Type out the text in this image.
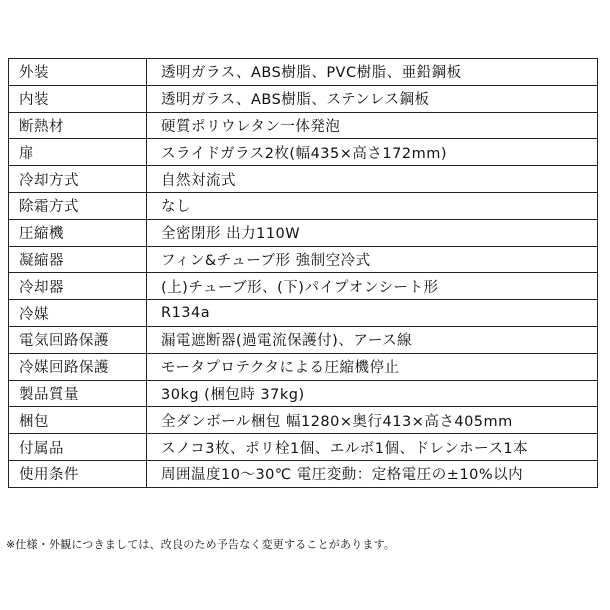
外装	透明ガラス、ABS樹脂、PVC樹脂、亜鉛鋼板
内装	透明ガラス、ABS樹脂、ステンレス鋼板
断熱材	硬質ポリウレタン一体発泡
扉	スライドガラス2枚(幅435×高さ172mm)
冷却方式	自然対流式
除霜方式	なし
圧縮機	全密閉形 出力110W
凝縮器	フィン&チューブ形 強制空冷式
冷却器	(上)チューブ形、(下)パイプオンシート形
冷媒	R134a
電気回路保護	漏電遮断器(過電流保護付)、アース線
冷媒回路保護	モータプロテクタによる圧縮機停止
製品質量	30kg (梱包時 37kg)
梱包	全ダンボール梱包 幅1280×奥行413×高さ405mm
付属品	スノコ3枚、ポリ栓1個、エルボ1個、ドレンホース1本
使用条件	周囲温度10～30℃ 電圧変動：定格電圧の±10%以内
※仕様・外観につきましては、改良のため予告なく変更することがあります。
